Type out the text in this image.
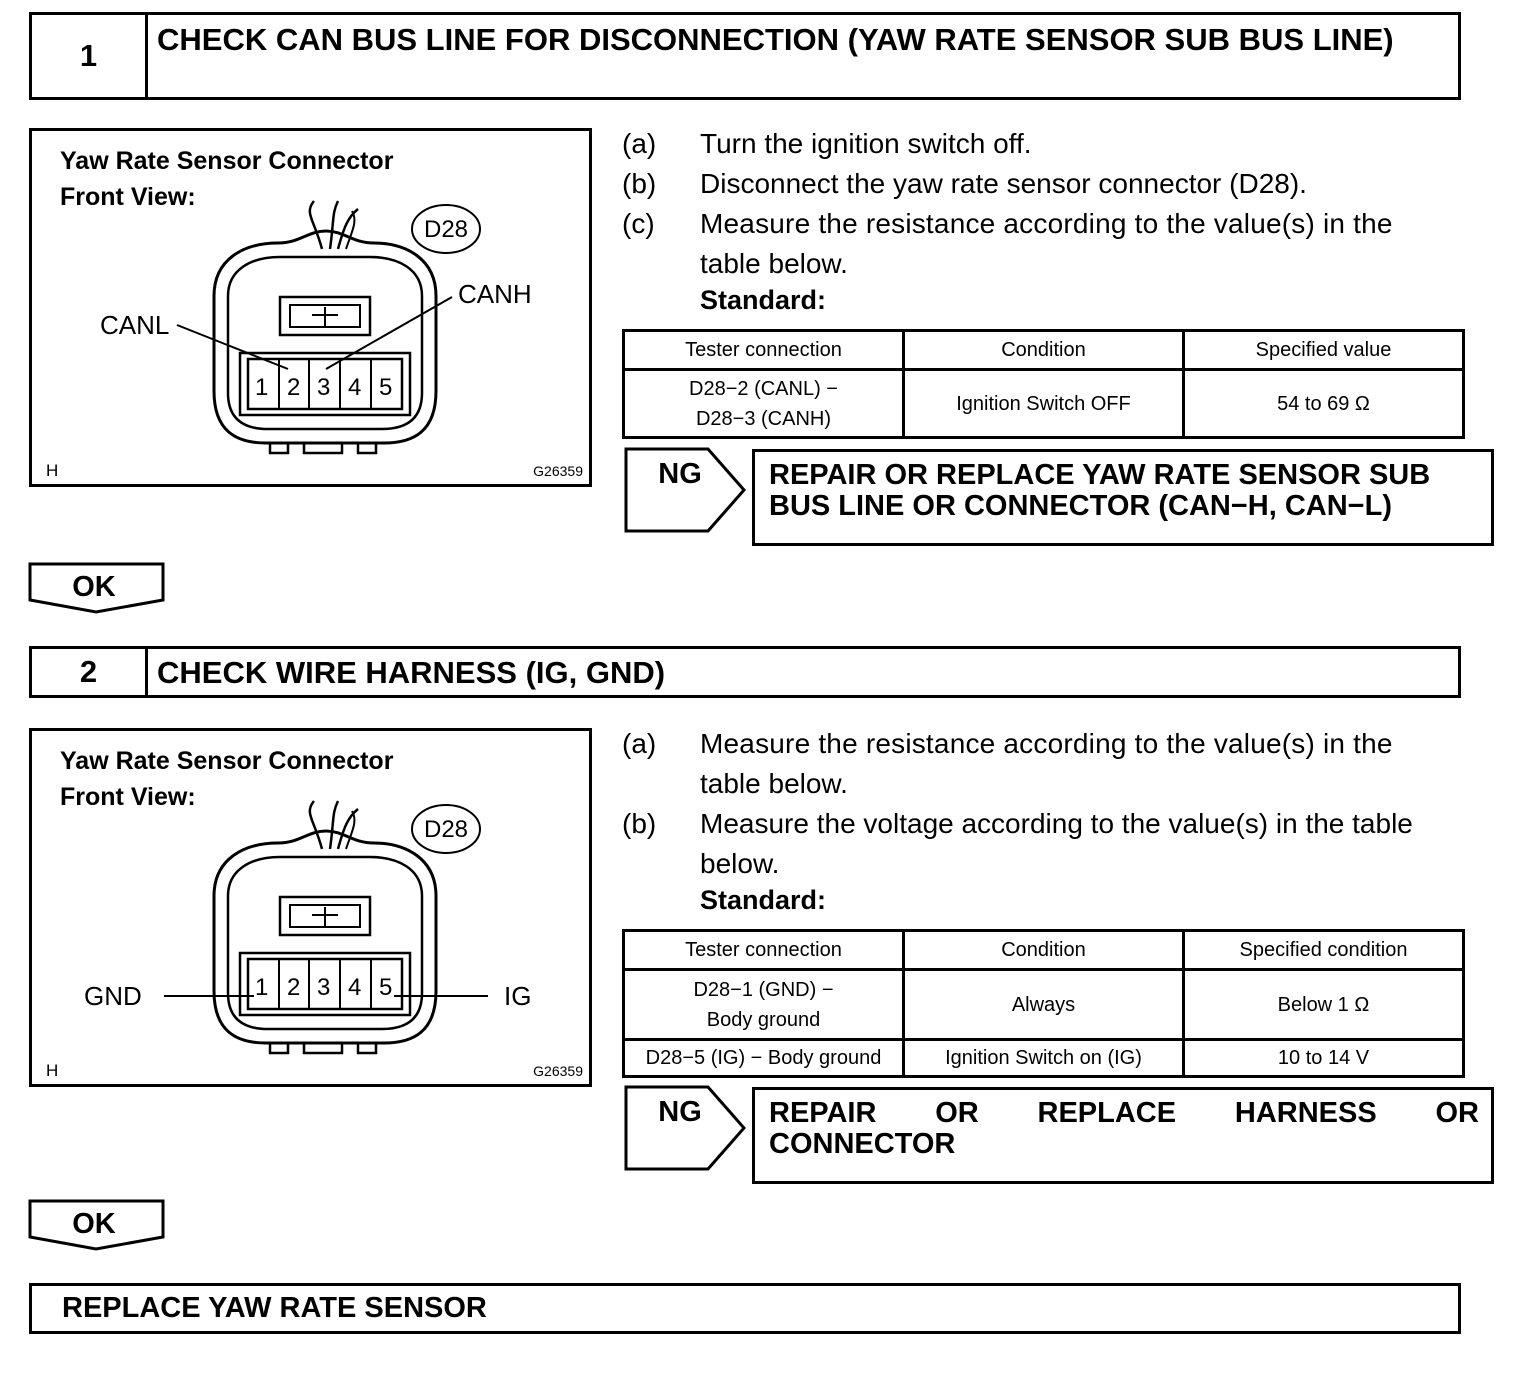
1	CHECK CAN BUS LINE FOR DISCONNECTION (YAW RATE SENSOR SUB BUS LINE)
Yaw Rate Sensor Connector
Front View:
1 2 3 4 5
D28
CANL
CANH
H	G26359
(a) Turn the ignition switch off.
(b) Disconnect the yaw rate sensor connector (D28).
(c) Measure the resistance according to the value(s) in the
table below.
Standard:
Tester connection	Condition	Specified value

D28−2 (CANL) −
D28−3 (CANH)	Ignition Switch OFF	54 to 69 Ω
NG REPAIR OR REPLACE YAW RATE SENSOR SUB
BUS LINE OR CONNECTOR (CAN−H, CAN−L)
OK
2	CHECK WIRE HARNESS (IG, GND)
Yaw Rate Sensor Connector
Front View:
1 2 3 4 5
D28
GND	IG
H	G26359
(a) Measure the resistance according to the value(s) in the
table below.
(b) Measure the voltage according to the value(s) in the table
below.
Standard:
Tester connection	Condition	Specified condition

D28−1 (GND) −
Body ground	Always	Below 1 Ω
D28−5 (IG) − Body ground	Ignition Switch on (IG)	10 to 14 V
NG REPAIR OR REPLACE HARNESS OR
CONNECTOR
OK
REPLACE YAW RATE SENSOR
